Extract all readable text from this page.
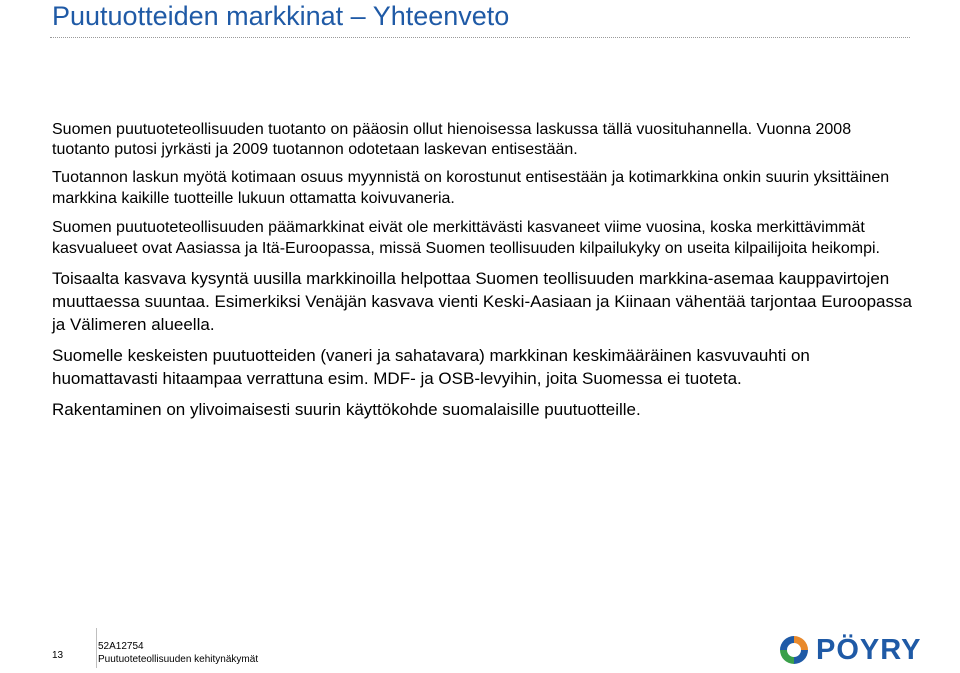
Puutuotteiden markkinat – Yhteenveto

Suomen puutuoteteollisuuden tuotanto on pääosin ollut hienoisessa laskussa tällä vuosituhannella. Vuonna 2008 tuotanto putosi jyrkästi ja 2009 tuotannon odotetaan laskevan entisestään.

Tuotannon laskun myötä kotimaan osuus myynnistä on korostunut entisestään ja kotimarkkina onkin suurin yksittäinen markkina kaikille tuotteille lukuun ottamatta koivuvaneria.

Suomen puutuoteteollisuuden päämarkkinat eivät ole merkittävästi kasvaneet viime vuosina, koska merkittävimmät kasvualueet ovat Aasiassa ja Itä-Euroopassa, missä Suomen teollisuuden kilpailukyky on useita kilpailijoita heikompi.

Toisaalta kasvava kysyntä uusilla markkinoilla helpottaa Suomen teollisuuden markkina-asemaa kauppavirtojen muuttaessa suuntaa. Esimerkiksi Venäjän kasvava vienti Keski-Aasiaan ja Kiinaan vähentää tarjontaa Euroopassa ja Välimeren alueella.

Suomelle keskeisten puutuotteiden (vaneri ja sahatavara) markkinan keskimääräinen kasvuvauhti on huomattavasti hitaampaa verrattuna esim. MDF- ja OSB-levyihin, joita Suomessa ei tuoteta.

Rakentaminen on ylivoimaisesti suurin käyttökohde suomalaisille puutuotteille.

13
52A12754
Puutuoteteollisuuden kehitynäkymät	PÖYRY
